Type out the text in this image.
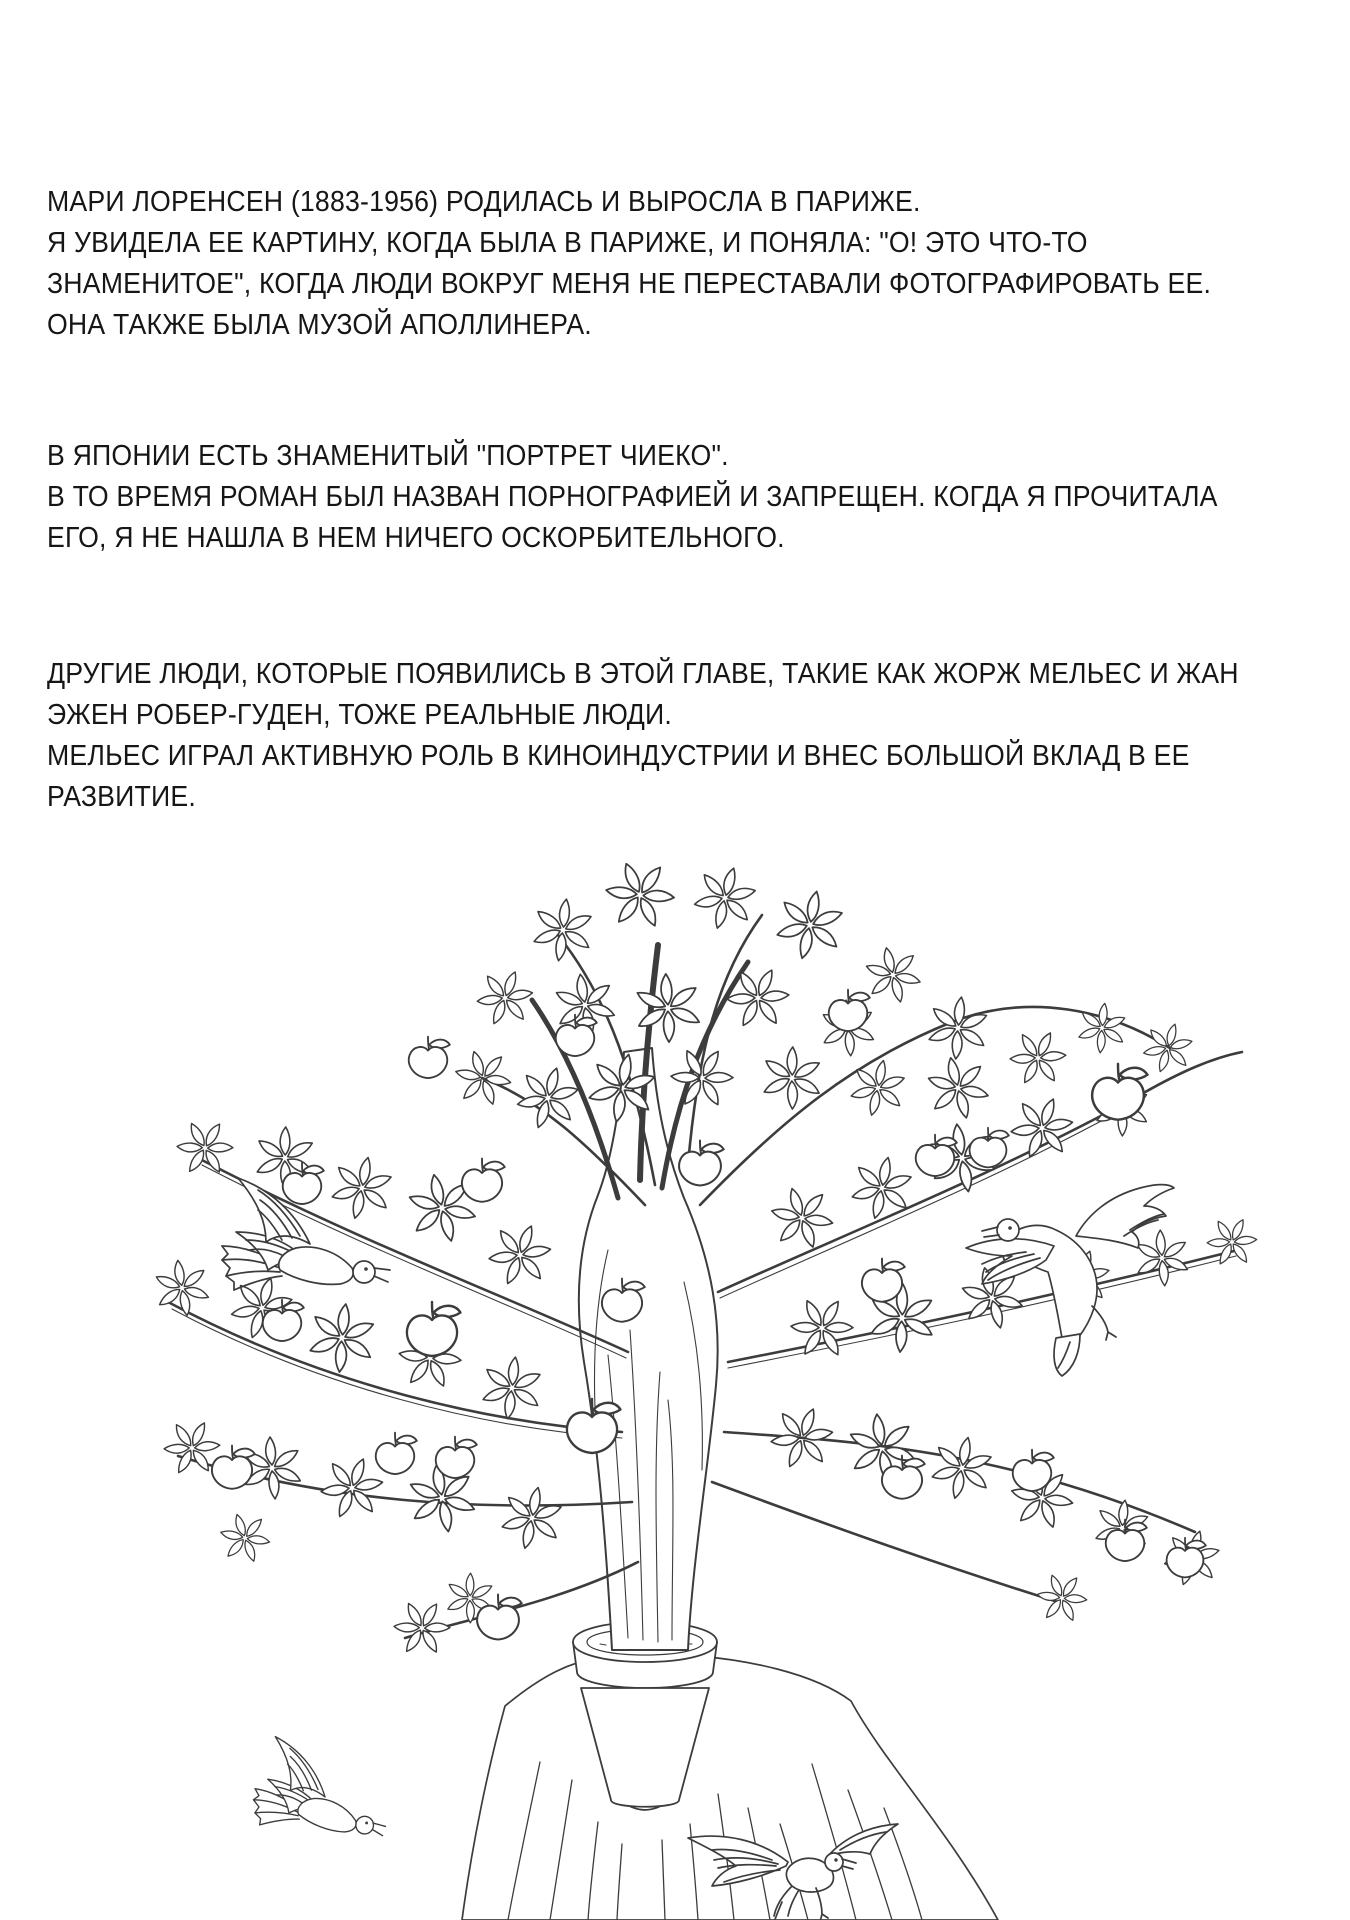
МАРИ ЛОРЕНСЕН (1883-1956) РОДИЛАСЬ И ВЫРОСЛА В ПАРИЖЕ.
Я УВИДЕЛА ЕЕ КАРТИНУ, КОГДА БЫЛА В ПАРИЖЕ, И ПОНЯЛА: "О! ЭТО ЧТО-ТО
ЗНАМЕНИТОЕ", КОГДА ЛЮДИ ВОКРУГ МЕНЯ НЕ ПЕРЕСТАВАЛИ ФОТОГРАФИРОВАТЬ ЕЕ.
ОНА ТАКЖЕ БЫЛА МУЗОЙ АПОЛЛИНЕРА.
В ЯПОНИИ ЕСТЬ ЗНАМЕНИТЫЙ "ПОРТРЕТ ЧИЕКО".
В ТО ВРЕМЯ РОМАН БЫЛ НАЗВАН ПОРНОГРАФИЕЙ И ЗАПРЕЩЕН. КОГДА Я ПРОЧИТАЛА
ЕГО, Я НЕ НАШЛА В НЕМ НИЧЕГО ОСКОРБИТЕЛЬНОГО.
ДРУГИЕ ЛЮДИ, КОТОРЫЕ ПОЯВИЛИСЬ В ЭТОЙ ГЛАВЕ, ТАКИЕ КАК ЖОРЖ МЕЛЬЕС И ЖАН
ЭЖЕН РОБЕР-ГУДЕН, ТОЖЕ РЕАЛЬНЫЕ ЛЮДИ.
МЕЛЬЕС ИГРАЛ АКТИВНУЮ РОЛЬ В КИНОИНДУСТРИИ И ВНЕС БОЛЬШОЙ ВКЛАД В ЕЕ
РАЗВИТИЕ.
